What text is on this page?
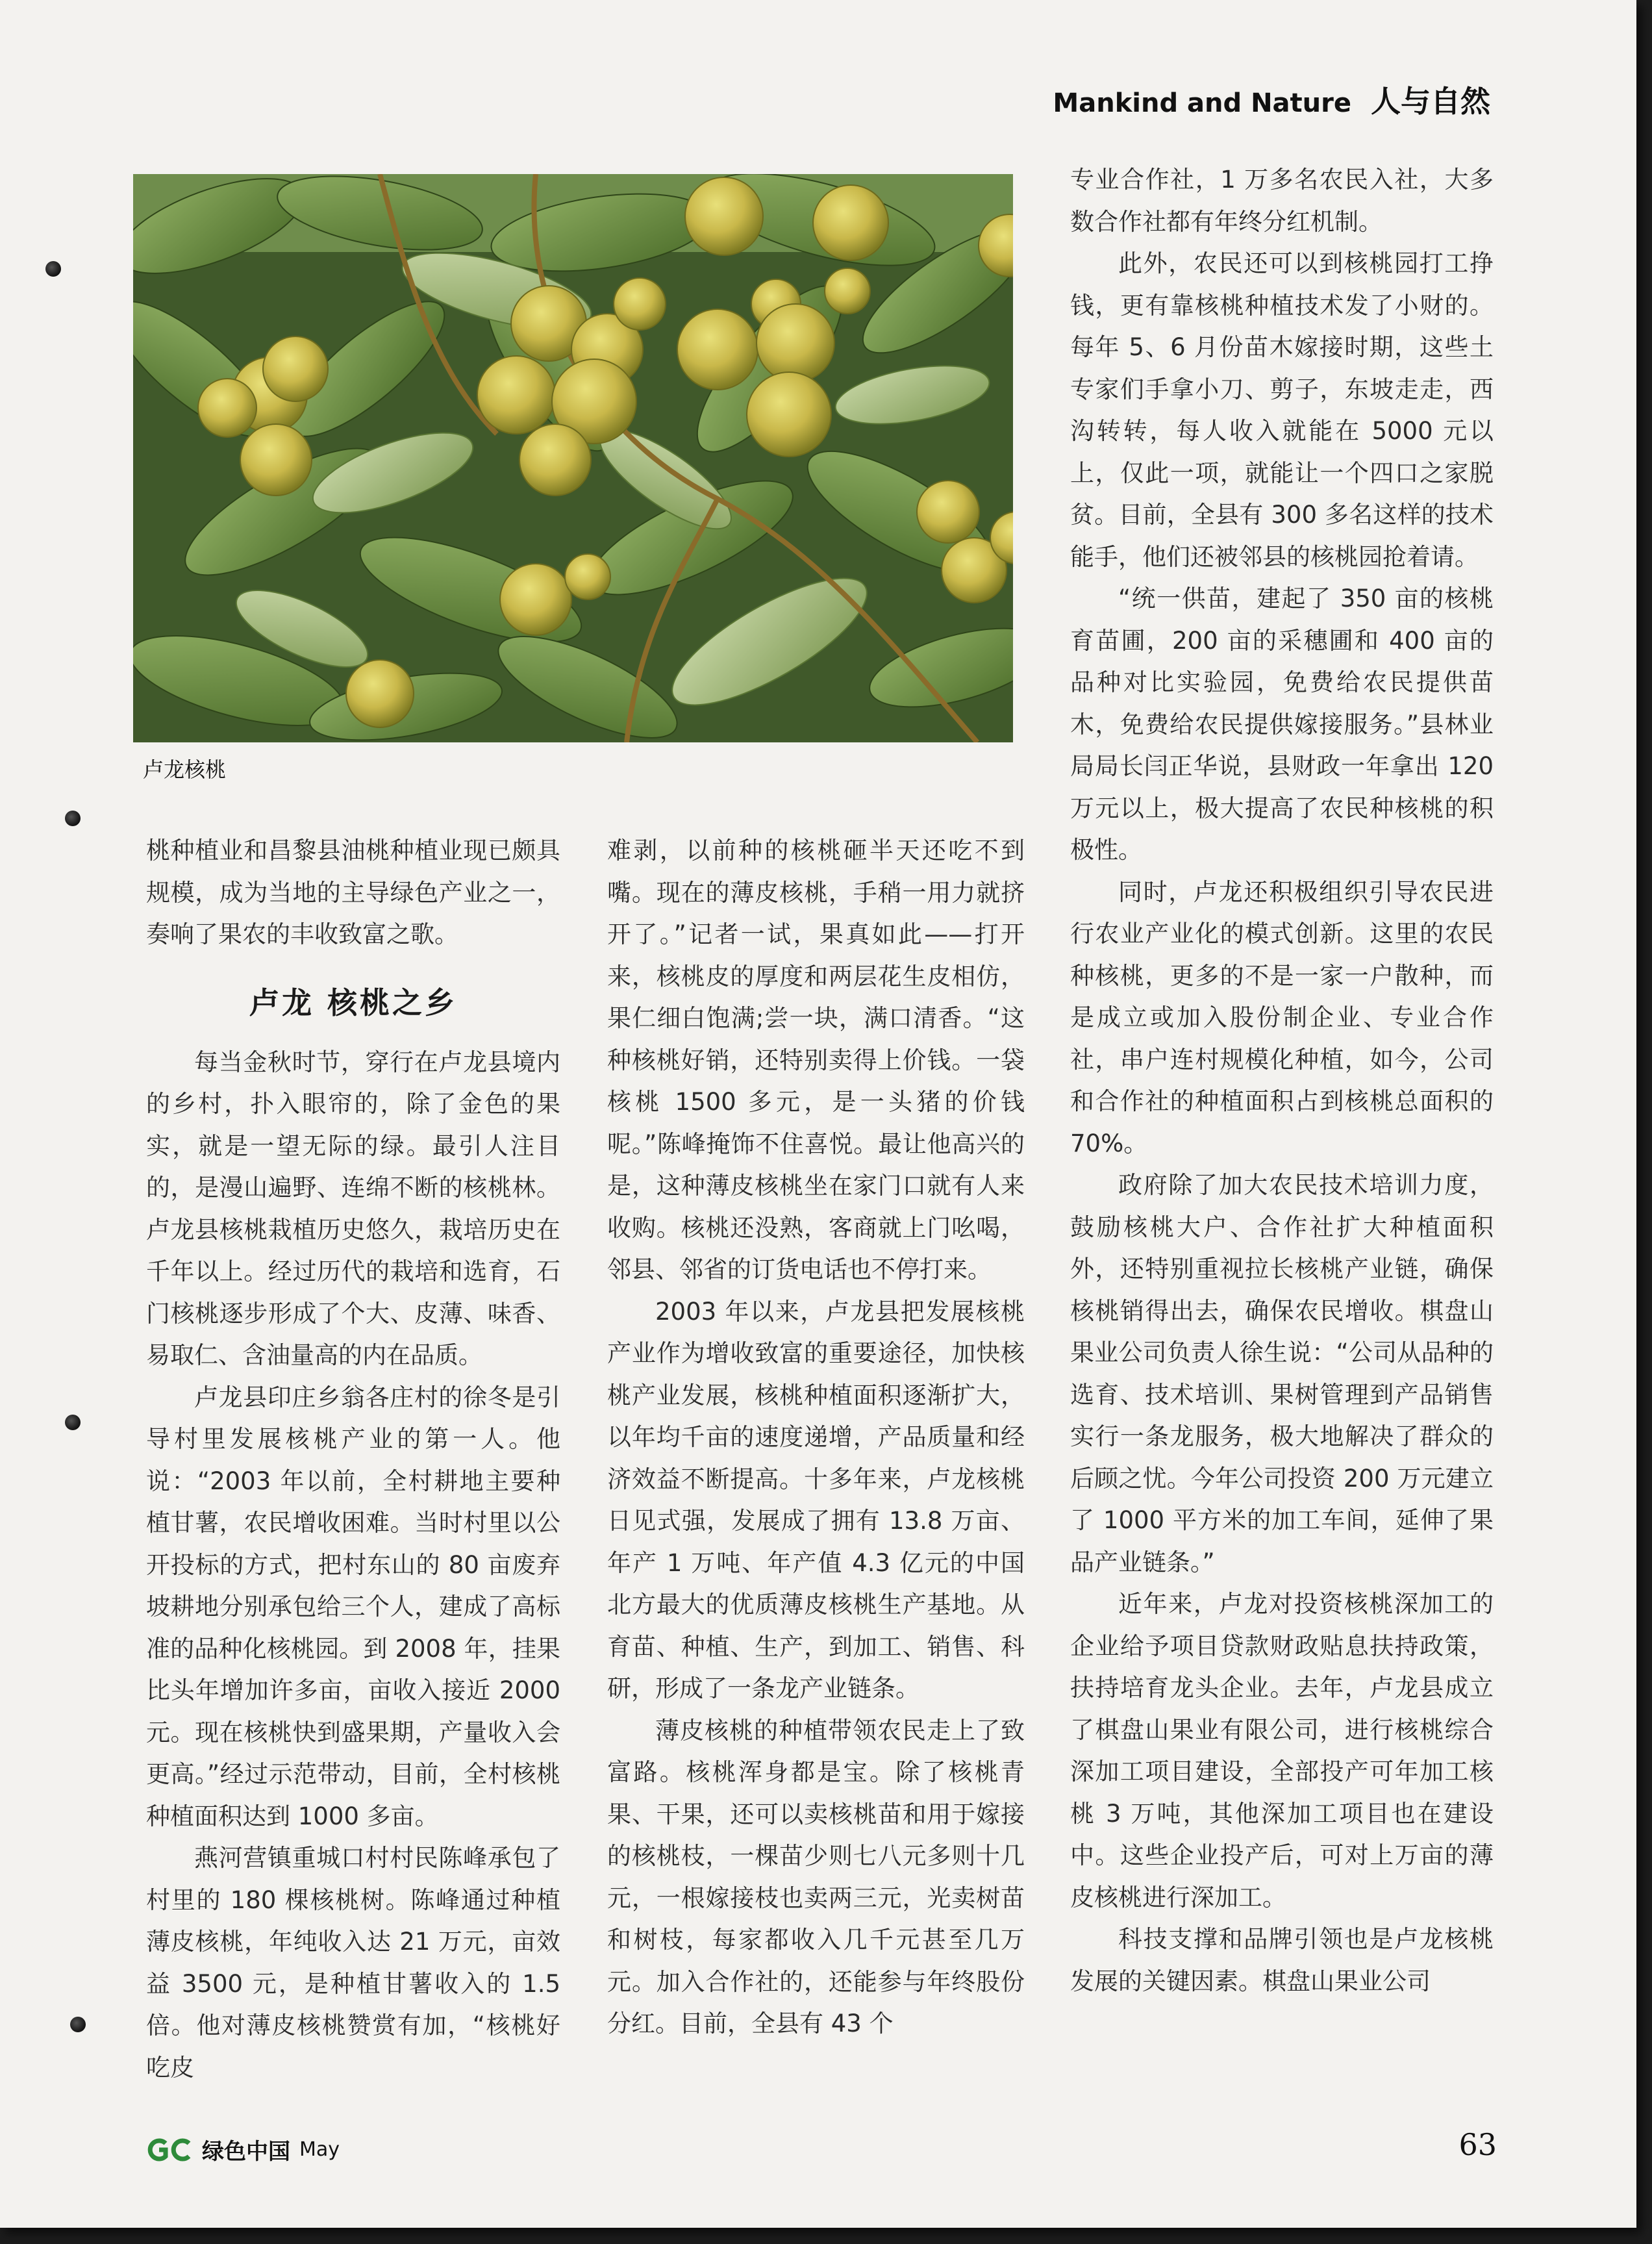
Mankind and Nature 人与自然
卢龙核桃

桃种植业和昌黎县油桃种植业现已颇具规模，成为当地的主导绿色产业之一，奏响了果农的丰收致富之歌。

卢龙 核桃之乡

每当金秋时节，穿行在卢龙县境内的乡村，扑入眼帘的，除了金色的果实，就是一望无际的绿。最引人注目的，是漫山遍野、连绵不断的核桃林。卢龙县核桃栽植历史悠久，栽培历史在千年以上。经过历代的栽培和选育，石门核桃逐步形成了个大、皮薄、味香、易取仁、含油量高的内在品质。

卢龙县印庄乡翁各庄村的徐冬是引导村里发展核桃产业的第一人。他说：“2003 年以前，全村耕地主要种植甘薯，农民增收困难。当时村里以公开投标的方式，把村东山的 80 亩废弃坡耕地分别承包给三个人，建成了高标准的品种化核桃园。到 2008 年，挂果比头年增加许多亩，亩收入接近 2000 元。现在核桃快到盛果期，产量收入会更高。”经过示范带动，目前，全村核桃种植面积达到 1000 多亩。

燕河营镇重城口村村民陈峰承包了村里的 180 棵核桃树。陈峰通过种植薄皮核桃，年纯收入达 21 万元，亩效益 3500 元，是种植甘薯收入的 1.5 倍。他对薄皮核桃赞赏有加，“核桃好吃皮

难剥，以前种的核桃砸半天还吃不到嘴。现在的薄皮核桃，手稍一用力就挤开了。”记者一试，果真如此——打开来，核桃皮的厚度和两层花生皮相仿，果仁细白饱满;尝一块，满口清香。“这种核桃好销，还特别卖得上价钱。一袋核桃 1500 多元，是一头猪的价钱呢。”陈峰掩饰不住喜悦。最让他高兴的是，这种薄皮核桃坐在家门口就有人来收购。核桃还没熟，客商就上门吆喝，邻县、邻省的订货电话也不停打来。

2003 年以来，卢龙县把发展核桃产业作为增收致富的重要途径，加快核桃产业发展，核桃种植面积逐渐扩大，以年均千亩的速度递增，产品质量和经济效益不断提高。十多年来，卢龙核桃日见式强，发展成了拥有 13.8 万亩、年产 1 万吨、年产值 4.3 亿元的中国北方最大的优质薄皮核桃生产基地。从育苗、种植、生产，到加工、销售、科研，形成了一条龙产业链条。

薄皮核桃的种植带领农民走上了致富路。核桃浑身都是宝。除了核桃青果、干果，还可以卖核桃苗和用于嫁接的核桃枝，一棵苗少则七八元多则十几元，一根嫁接枝也卖两三元，光卖树苗和树枝，每家都收入几千元甚至几万元。加入合作社的，还能参与年终股份分红。目前，全县有 43 个

专业合作社，1 万多名农民入社，大多数合作社都有年终分红机制。

此外，农民还可以到核桃园打工挣钱，更有靠核桃种植技术发了小财的。每年 5、6 月份苗木嫁接时期，这些土专家们手拿小刀、剪子，东坡走走，西沟转转，每人收入就能在 5000 元以上，仅此一项，就能让一个四口之家脱贫。目前，全县有 300 多名这样的技术能手，他们还被邻县的核桃园抢着请。

“统一供苗，建起了 350 亩的核桃育苗圃，200 亩的采穗圃和 400 亩的品种对比实验园，免费给农民提供苗木，免费给农民提供嫁接服务。”县林业局局长闫正华说，县财政一年拿出 120 万元以上，极大提高了农民种核桃的积极性。

同时，卢龙还积极组织引导农民进行农业产业化的模式创新。这里的农民种核桃，更多的不是一家一户散种，而是成立或加入股份制企业、专业合作社，串户连村规模化种植，如今，公司和合作社的种植面积占到核桃总面积的 70%。

政府除了加大农民技术培训力度，鼓励核桃大户、合作社扩大种植面积外，还特别重视拉长核桃产业链，确保核桃销得出去，确保农民增收。棋盘山果业公司负责人徐生说：“公司从品种的选育、技术培训、果树管理到产品销售实行一条龙服务，极大地解决了群众的后顾之忧。今年公司投资 200 万元建立了 1000 平方米的加工车间，延伸了果品产业链条。”

近年来，卢龙对投资核桃深加工的企业给予项目贷款财政贴息扶持政策，扶持培育龙头企业。去年，卢龙县成立了棋盘山果业有限公司，进行核桃综合深加工项目建设，全部投产可年加工核桃 3 万吨，其他深加工项目也在建设中。这些企业投产后，可对上万亩的薄皮核桃进行深加工。

科技支撑和品牌引领也是卢龙核桃发展的关键因素。棋盘山果业公司

绿色中国 May	63
